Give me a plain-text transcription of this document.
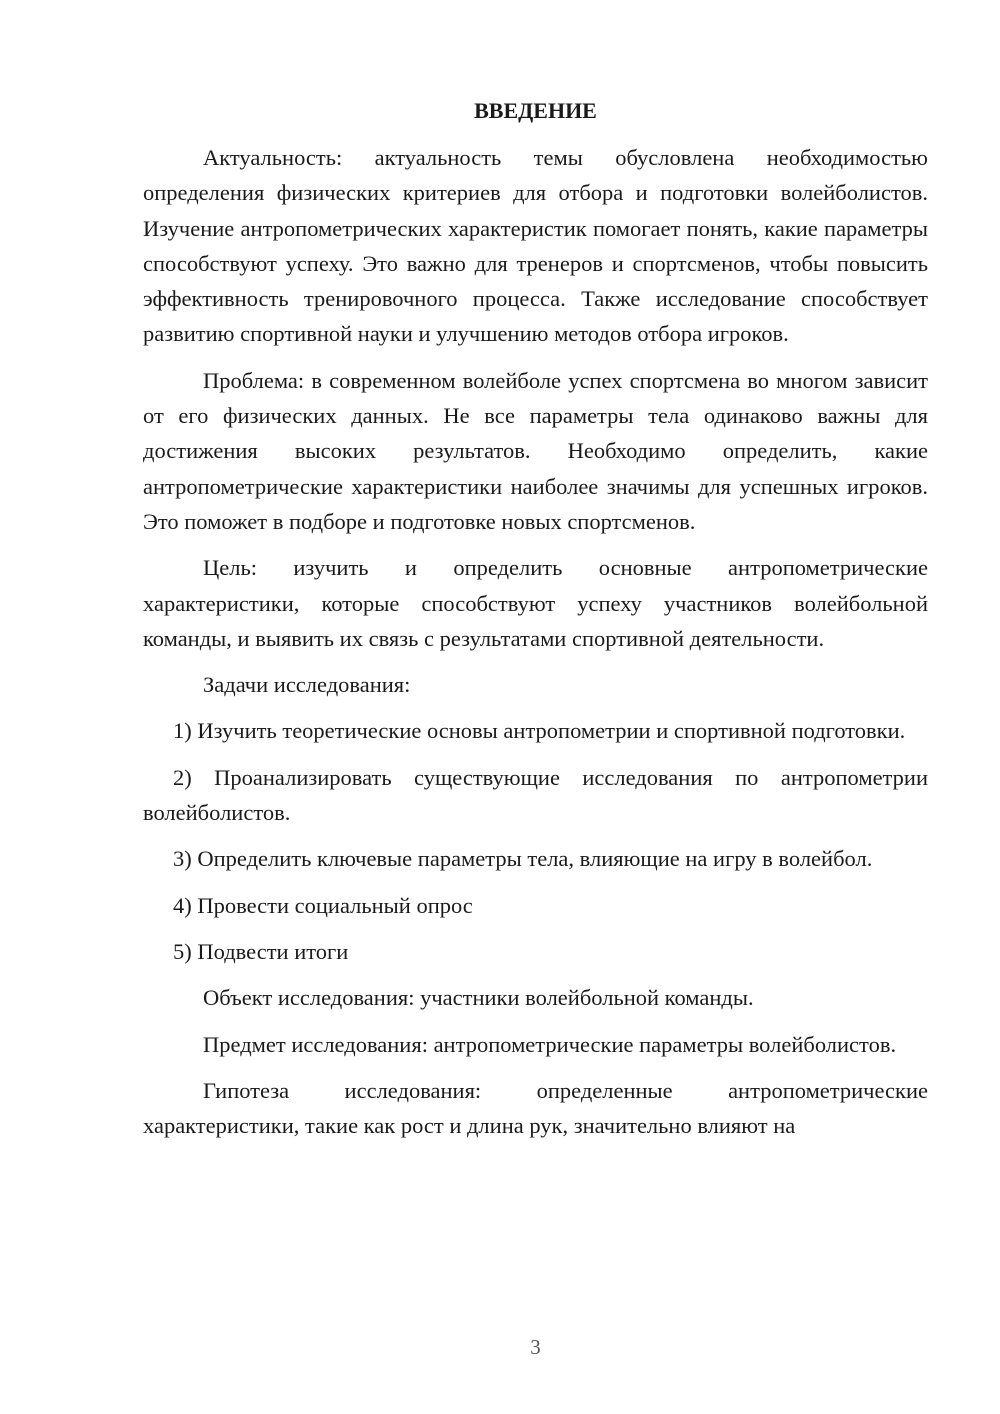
ВВЕДЕНИЕ

Актуальность: актуальность темы обусловлена необходимостью определения физических критериев для отбора и подготовки волейболистов. Изучение антропометрических характеристик помогает понять, какие параметры способствуют успеху. Это важно для тренеров и спортсменов, чтобы повысить эффективность тренировочного процесса. Также исследование способствует развитию спортивной науки и улучшению методов отбора игроков.

Проблема: в современном волейболе успех спортсмена во многом зависит от его физических данных. Не все параметры тела одинаково важны для достижения высоких результатов. Необходимо определить, какие антропометрические характеристики наиболее значимы для успешных игроков. Это поможет в подборе и подготовке новых спортсменов.

Цель: изучить и определить основные антропометрические характеристики, которые способствуют успеху участников волейбольной команды, и выявить их связь с результатами спортивной деятельности.

Задачи исследования:

1) Изучить теоретические основы антропометрии и спортивной подготовки.

2) Проанализировать существующие исследования по антропометрии волейболистов.

3) Определить ключевые параметры тела, влияющие на игру в волейбол.

4) Провести социальный опрос

5) Подвести итоги

Объект исследования: участники волейбольной команды.

Предмет исследования: антропометрические параметры волейболистов.

Гипотеза исследования: определенные антропометрические характеристики, такие как рост и длина рук, значительно влияют на

3
